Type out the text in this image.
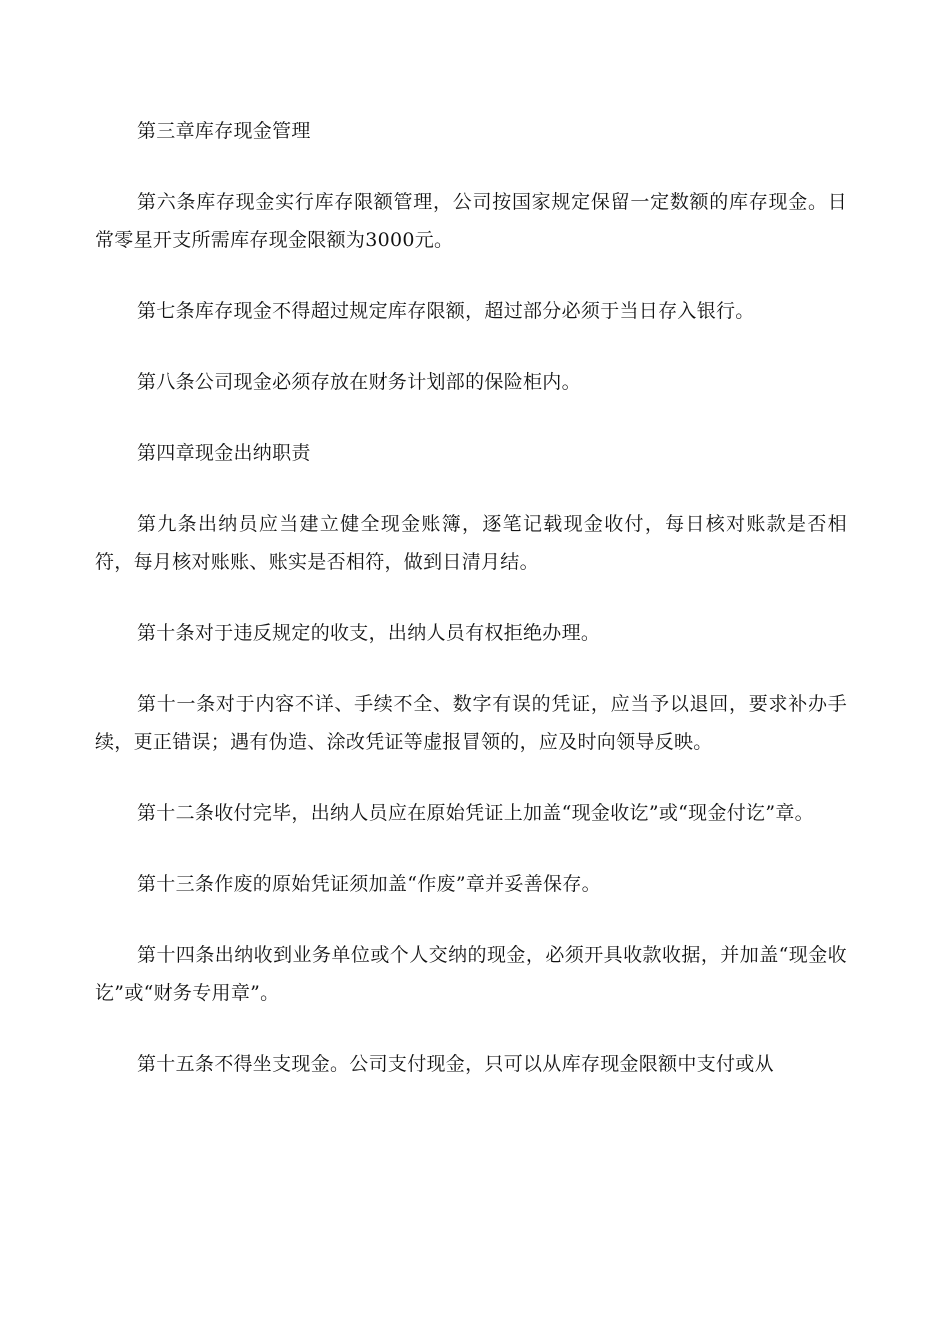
第三章库存现金管理

第六条库存现金实行库存限额管理，公司按国家规定保留一定数额的库存现金。日常零星开支所需库存现金限额为3000元。

第七条库存现金不得超过规定库存限额，超过部分必须于当日存入银行。

第八条公司现金必须存放在财务计划部的保险柜内。

第四章现金出纳职责

第九条出纳员应当建立健全现金账簿，逐笔记载现金收付，每日核对账款是否相符，每月核对账账、账实是否相符，做到日清月结。

第十条对于违反规定的收支，出纳人员有权拒绝办理。

第十一条对于内容不详、手续不全、数字有误的凭证，应当予以退回，要求补办手续，更正错误；遇有伪造、涂改凭证等虚报冒领的，应及时向领导反映。

第十二条收付完毕，出纳人员应在原始凭证上加盖“现金收讫”或“现金付讫”章。

第十三条作废的原始凭证须加盖“作废”章并妥善保存。

第十四条出纳收到业务单位或个人交纳的现金，必须开具收款收据，并加盖“现金收讫”或“财务专用章”。

第十五条不得坐支现金。公司支付现金，只可以从库存现金限额中支付或从
